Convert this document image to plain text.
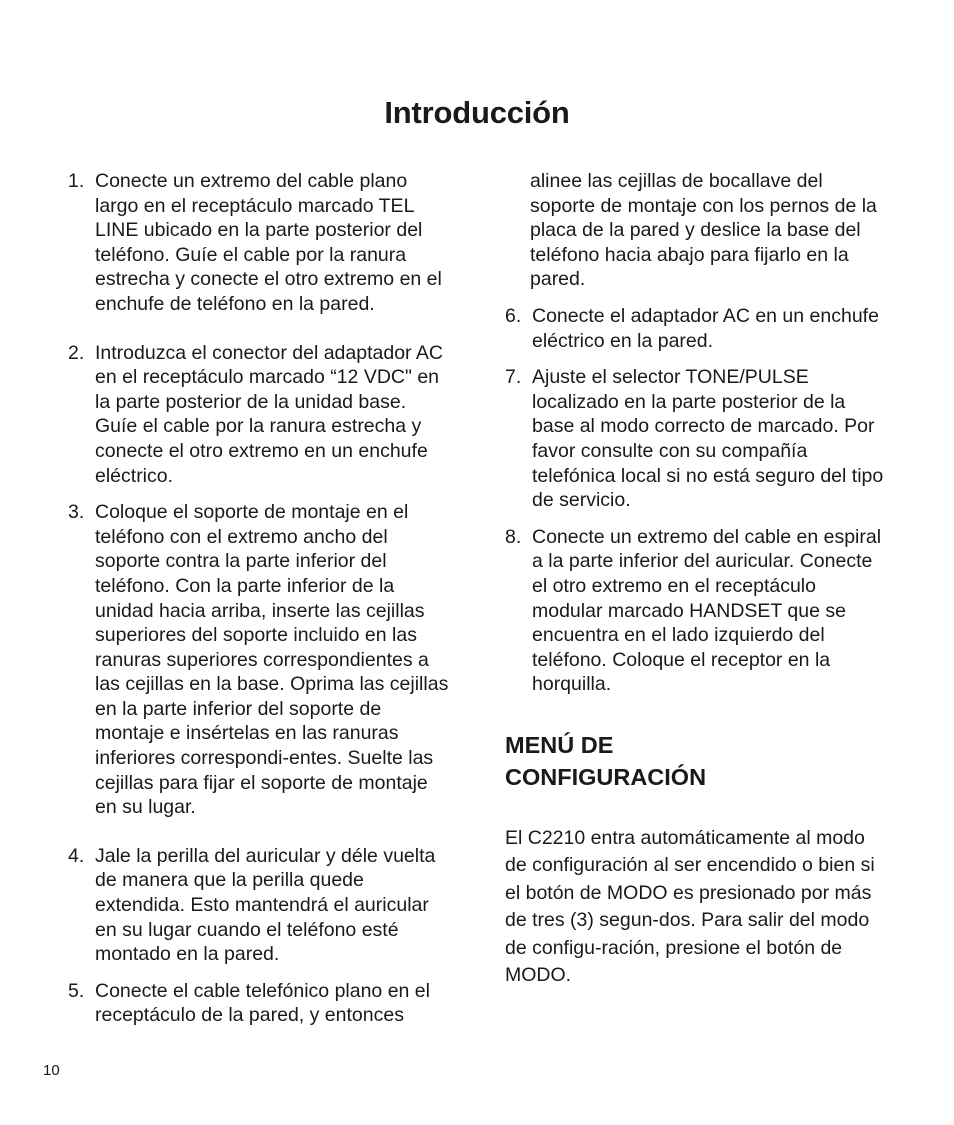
Introducción
1. Conecte un extremo del cable plano largo en el receptáculo marcado TEL LINE ubicado en la parte posterior del teléfono. Guíe el cable por la ranura estrecha y conecte el otro extremo en el enchufe de teléfono en la pared.

2. Introduzca el conector del adaptador AC en el receptáculo marcado “12 VDC" en la parte posterior de la unidad base. Guíe el cable por la ranura estrecha y conecte el otro extremo en un enchufe eléctrico.

3. Coloque el soporte de montaje en el teléfono con el extremo ancho del soporte contra la parte inferior del teléfono. Con la parte inferior de la unidad hacia arriba, inserte las cejillas superiores del soporte incluido en las ranuras superiores correspondientes a las cejillas en la base. Oprima las cejillas en la parte inferior del soporte de montaje e insértelas en las ranuras inferiores correspondi-entes. Suelte las cejillas para fijar el soporte de montaje en su lugar.

4. Jale la perilla del auricular y déle vuelta de manera que la perilla quede extendida. Esto mantendrá el auricular en su lugar cuando el teléfono esté montado en la pared.

5. Conecte el cable telefónico plano en el receptáculo de la pared, y entonces

alinee las cejillas de bocallave del soporte de montaje con los pernos de la placa de la pared y deslice la base del teléfono hacia abajo para fijarlo en la pared.

6. Conecte el adaptador AC en un enchufe eléctrico en la pared.

7. Ajuste el selector TONE/PULSE localizado en la parte posterior de la base al modo correcto de marcado. Por favor consulte con su compañía telefónica local si no está seguro del tipo de servicio.

8. Conecte un extremo del cable en espiral a la parte inferior del auricular. Conecte el otro extremo en el receptáculo modular marcado HANDSET que se encuentra en el lado izquierdo del teléfono. Coloque el receptor en la horquilla.

MENÚ DE
CONFIGURACIÓN

El C2210 entra automáticamente al modo de configuración al ser encendido o bien si el botón de MODO es presionado por más de tres (3) segun-dos. Para salir del modo de configu-ración, presione el botón de MODO.

10
